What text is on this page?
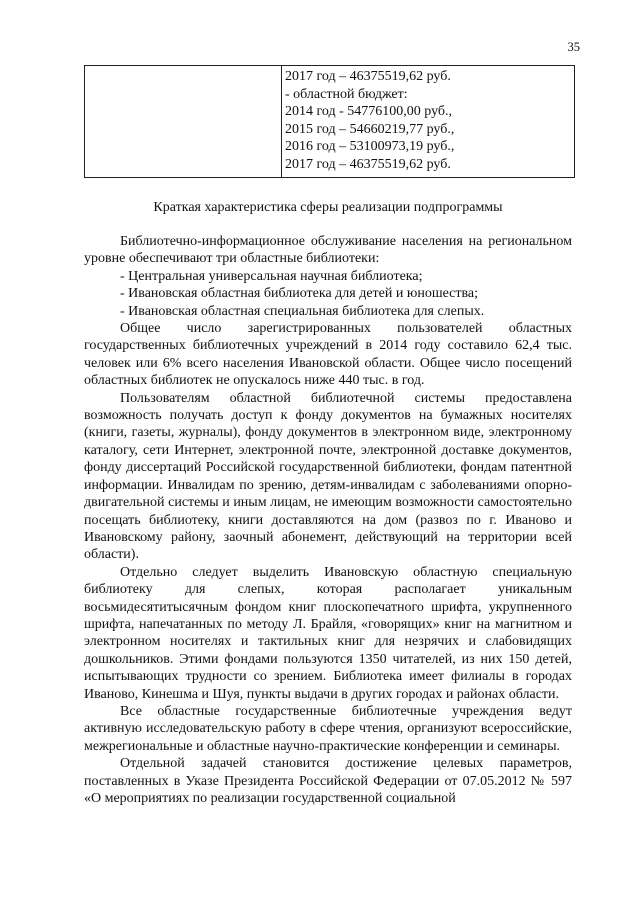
35

2017 год – 46375519,62 руб.
- областной бюджет:
2014 год - 54776100,00 руб.,
2015 год – 54660219,77 руб.,
2016 год – 53100973,19 руб.,
2017 год – 46375519,62 руб.
Краткая характеристика сферы реализации подпрограммы

Библиотечно-информационное обслуживание населения на региональном уровне обеспечивают три областные библиотеки:

- Центральная универсальная научная библиотека;

- Ивановская областная библиотека для детей и юношества;

- Ивановская областная специальная библиотека для слепых.

Общее число зарегистрированных пользователей областных государственных библиотечных учреждений в 2014 году составило 62,4 тыс. человек или 6% всего населения Ивановской области. Общее число посещений областных библиотек не опускалось ниже 440 тыс. в год.

Пользователям областной библиотечной системы предоставлена возможность получать доступ к фонду документов на бумажных носителях (книги, газеты, журналы), фонду документов в электронном виде, электронному каталогу, сети Интернет, электронной почте, электронной доставке документов, фонду диссертаций Российской государственной библиотеки, фондам патентной информации. Инвалидам по зрению, детям-инвалидам с заболеваниями опорно-двигательной системы и иным лицам, не имеющим возможности самостоятельно посещать библиотеку, книги доставляются на дом (развоз по г. Иваново и Ивановскому району, заочный абонемент, действующий на территории всей области).

Отдельно следует выделить Ивановскую областную специальную библиотеку для слепых, которая располагает уникальным восьмидесятитысячным фондом книг плоскопечатного шрифта, укрупненного шрифта, напечатанных по методу Л. Брайля, «говорящих» книг на магнитном и электронном носителях и тактильных книг для незрячих и слабовидящих дошкольников. Этими фондами пользуются 1350 читателей, из них 150 детей, испытывающих трудности со зрением. Библиотека имеет филиалы в городах Иваново, Кинешма и Шуя, пункты выдачи в других городах и районах области.

Все областные государственные библиотечные учреждения ведут активную исследовательскую работу в сфере чтения, организуют всероссийские, межрегиональные и областные научно-практические конференции и семинары.

Отдельной задачей становится достижение целевых параметров, поставленных в Указе Президента Российской Федерации от 07.05.2012 № 597 «О мероприятиях по реализации государственной социальной
